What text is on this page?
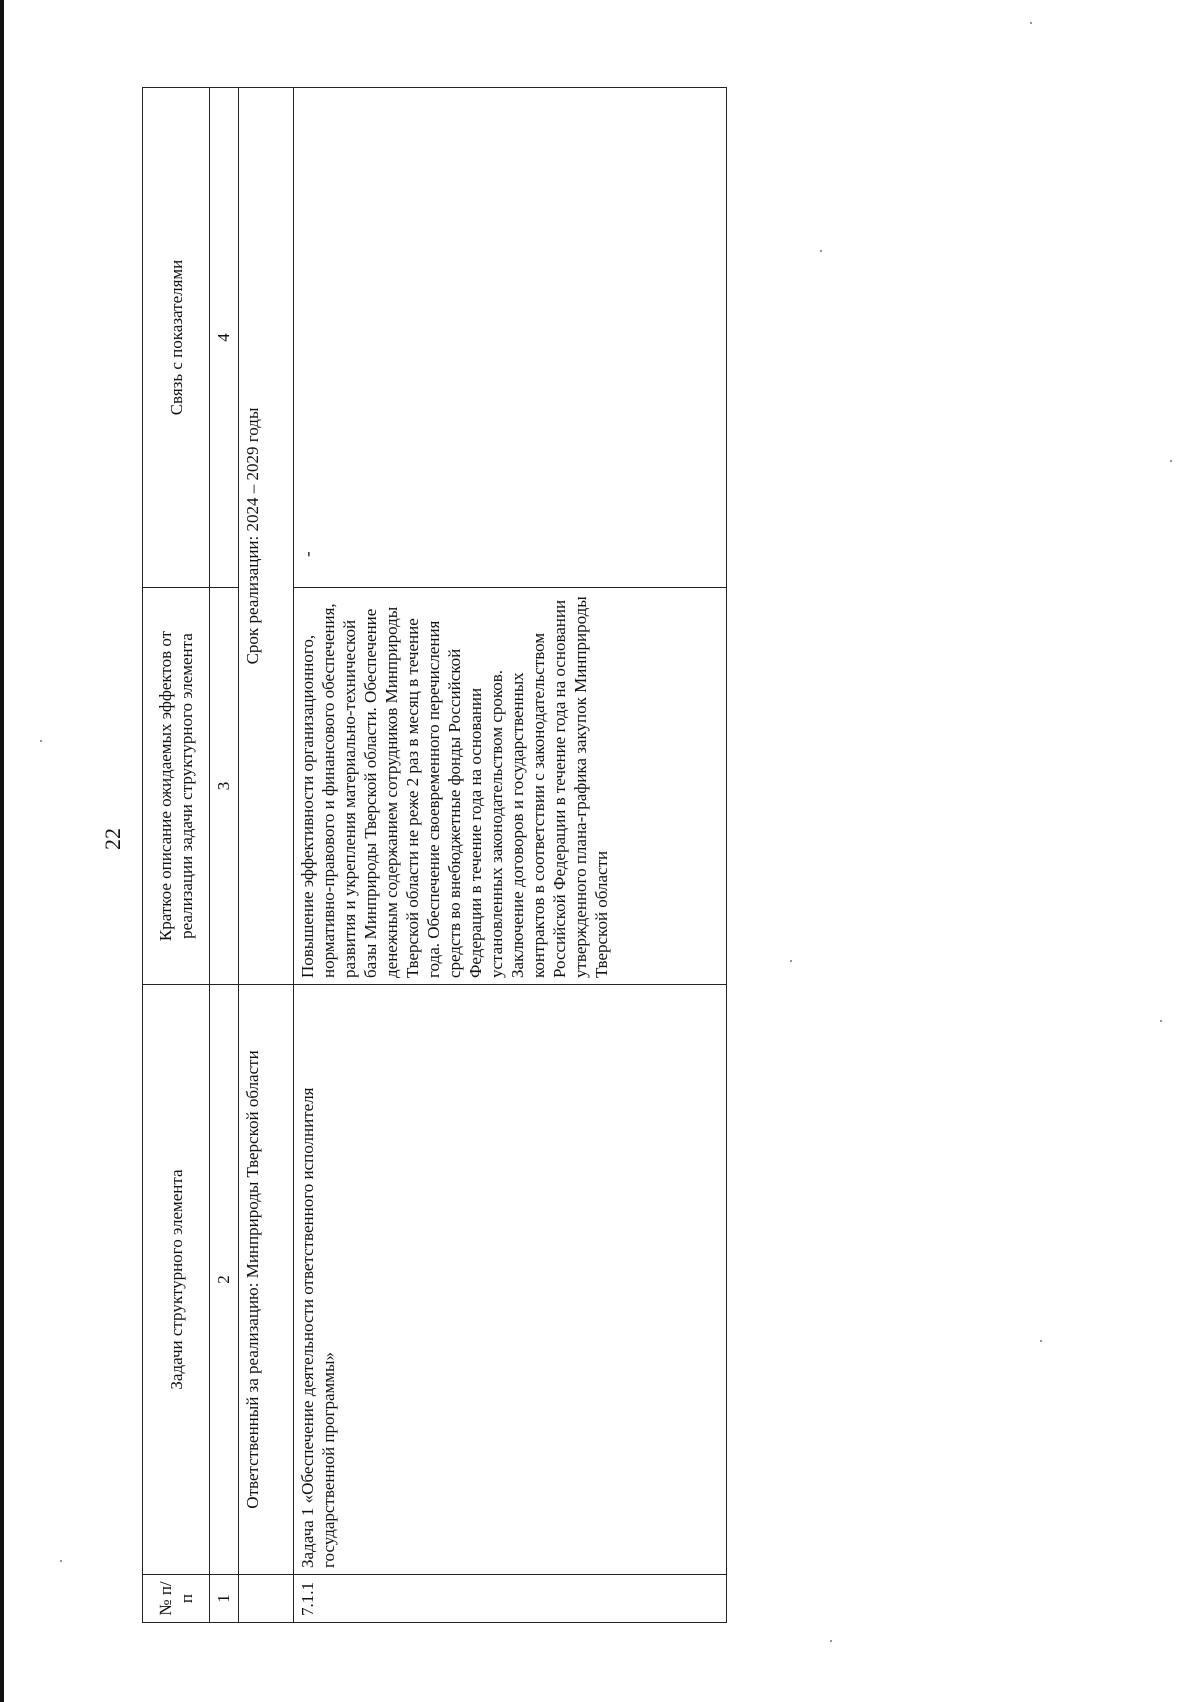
22
№ п/п	Задачи структурного элемента	Краткое описание ожидаемых эффектов от реализации задачи структурного элемента	Связь с показателями
1	2	3	4
	Ответственный за реализацию: Минприроды Тверской области	Срок реализации: 2024 – 2029 годы	
7.1.1	Задача 1 «Обеспечение деятельности ответственного исполнителя государственной программы»	Повышение эффективности организационного, нормативно-правового и финансового обеспечения, развития и укрепления материально-технической базы Минприроды Тверской области. Обеспечение денежным содержанием сотрудников Минприроды Тверской области не реже 2 раз в месяц в течение года. Обеспечение своевременного перечисления средств во внебюджетные фонды Российской Федерации в течение года на основании установленных законодательством сроков. Заключение договоров и государственных контрактов в соответствии с законодательством Российской Федерации в течение года на основании утвержденного плана-графика закупок Минприроды Тверской области	-
